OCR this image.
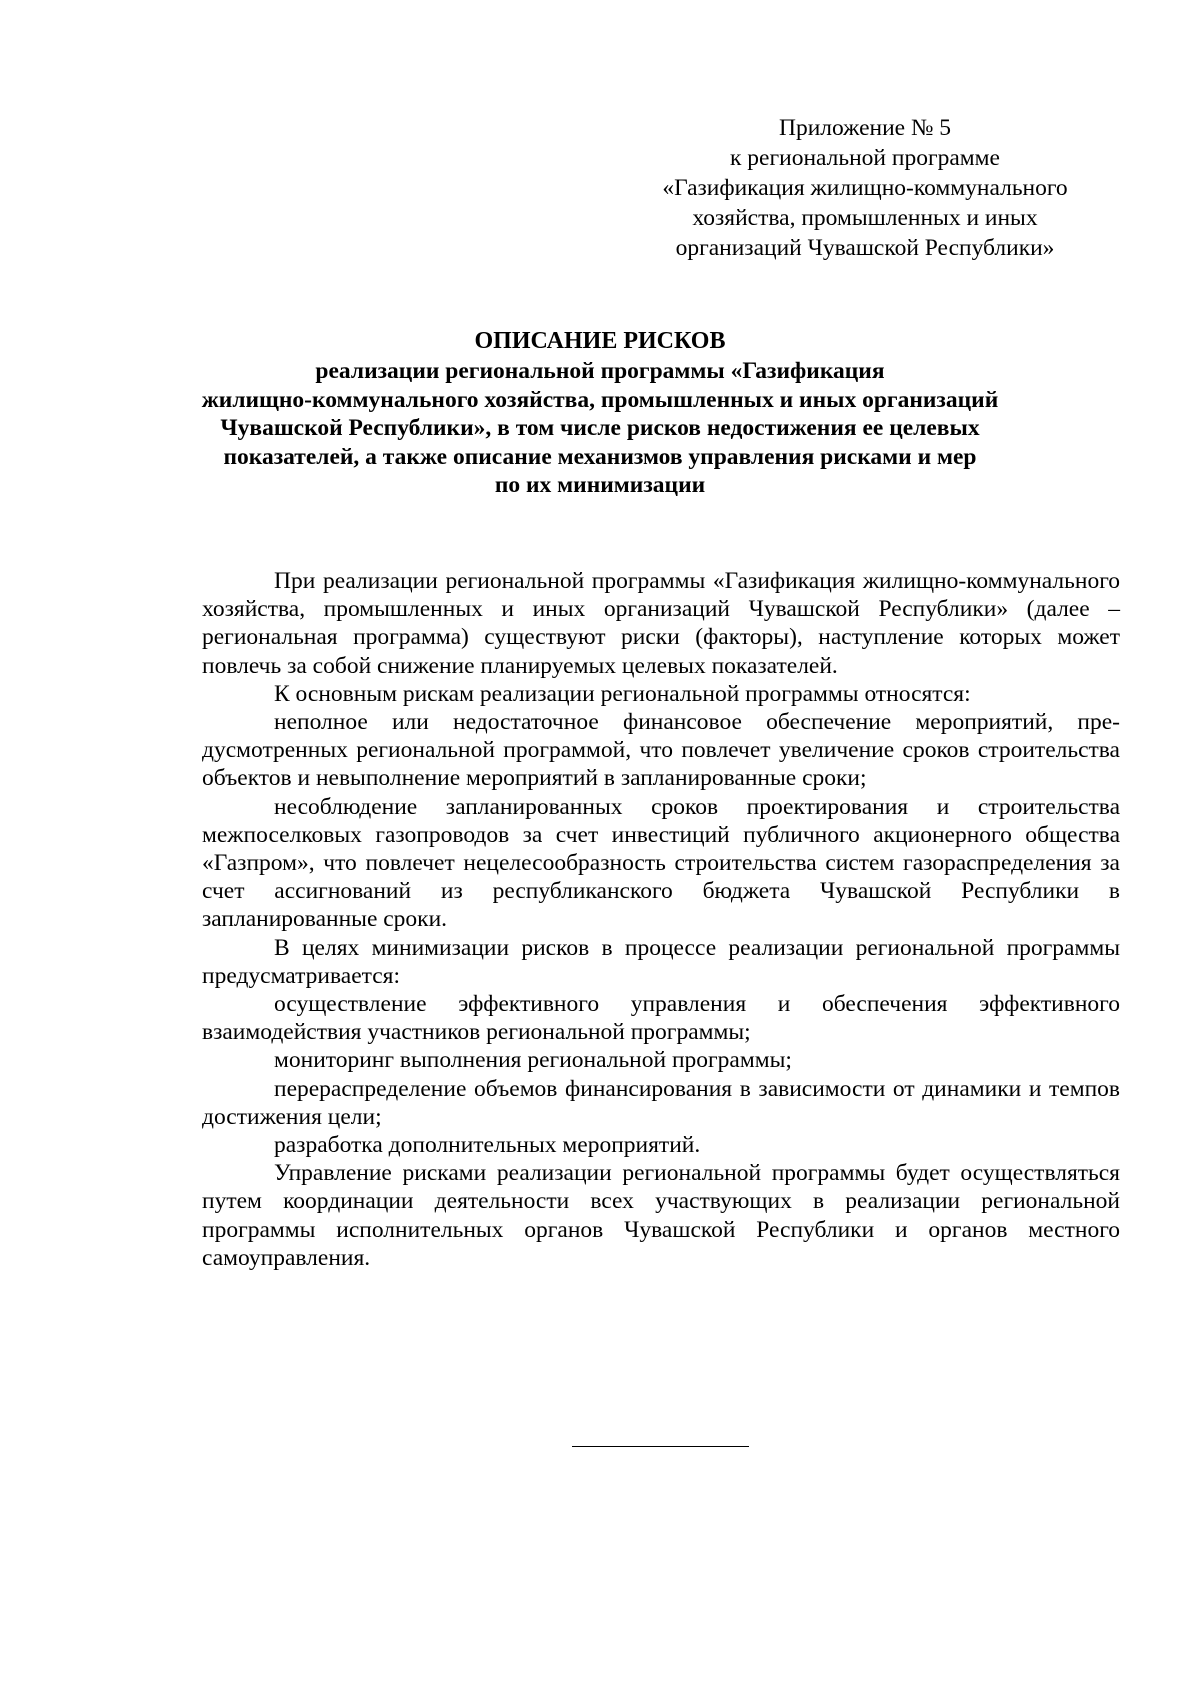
Приложение № 5
к региональной программе
«Газификация жилищно-коммунального
хозяйства, промышленных и иных
организаций Чувашской Республики»
ОПИСАНИЕ РИСКОВ
реализации региональной программы «Газификация
жилищно-коммунального хозяйства, промышленных и иных организаций
Чувашской Республики», в том числе рисков недостижения ее целевых
показателей, а также описание механизмов управления рисками и мер
по их минимизации

При реализации региональной программы «Газификация жилищно-коммунального хозяйства, промышленных и иных организаций Чувашской Республики» (далее – региональная программа) существуют риски (факторы), наступление которых может повлечь за собой снижение планируемых целевых показателей.

К основным рискам реализации региональной программы относятся:

неполное или недостаточное финансовое обеспечение мероприятий, предусмотренных региональной программой, что повлечет увеличение сроков строительства объектов и невыполнение мероприятий в запланированные сроки;

несоблюдение запланированных сроков проектирования и строительства межпоселковых газопроводов за счет инвестиций публичного акционерного общества «Газпром», что повлечет нецелесообразность строительства систем газораспределения за счет ассигнований из республиканского бюджета Чувашской Республики в запланированные сроки.

В целях минимизации рисков в процессе реализации региональной программы предусматривается:

осуществление эффективного управления и обеспечения эффективного взаимодействия участников региональной программы;

мониторинг выполнения региональной программы;

перераспределение объемов финансирования в зависимости от динамики и темпов достижения цели;

разработка дополнительных мероприятий.

Управление рисками реализации региональной программы будет осуществляться путем координации деятельности всех участвующих в реализации региональной программы исполнительных органов Чувашской Республики и органов местного самоуправления.
